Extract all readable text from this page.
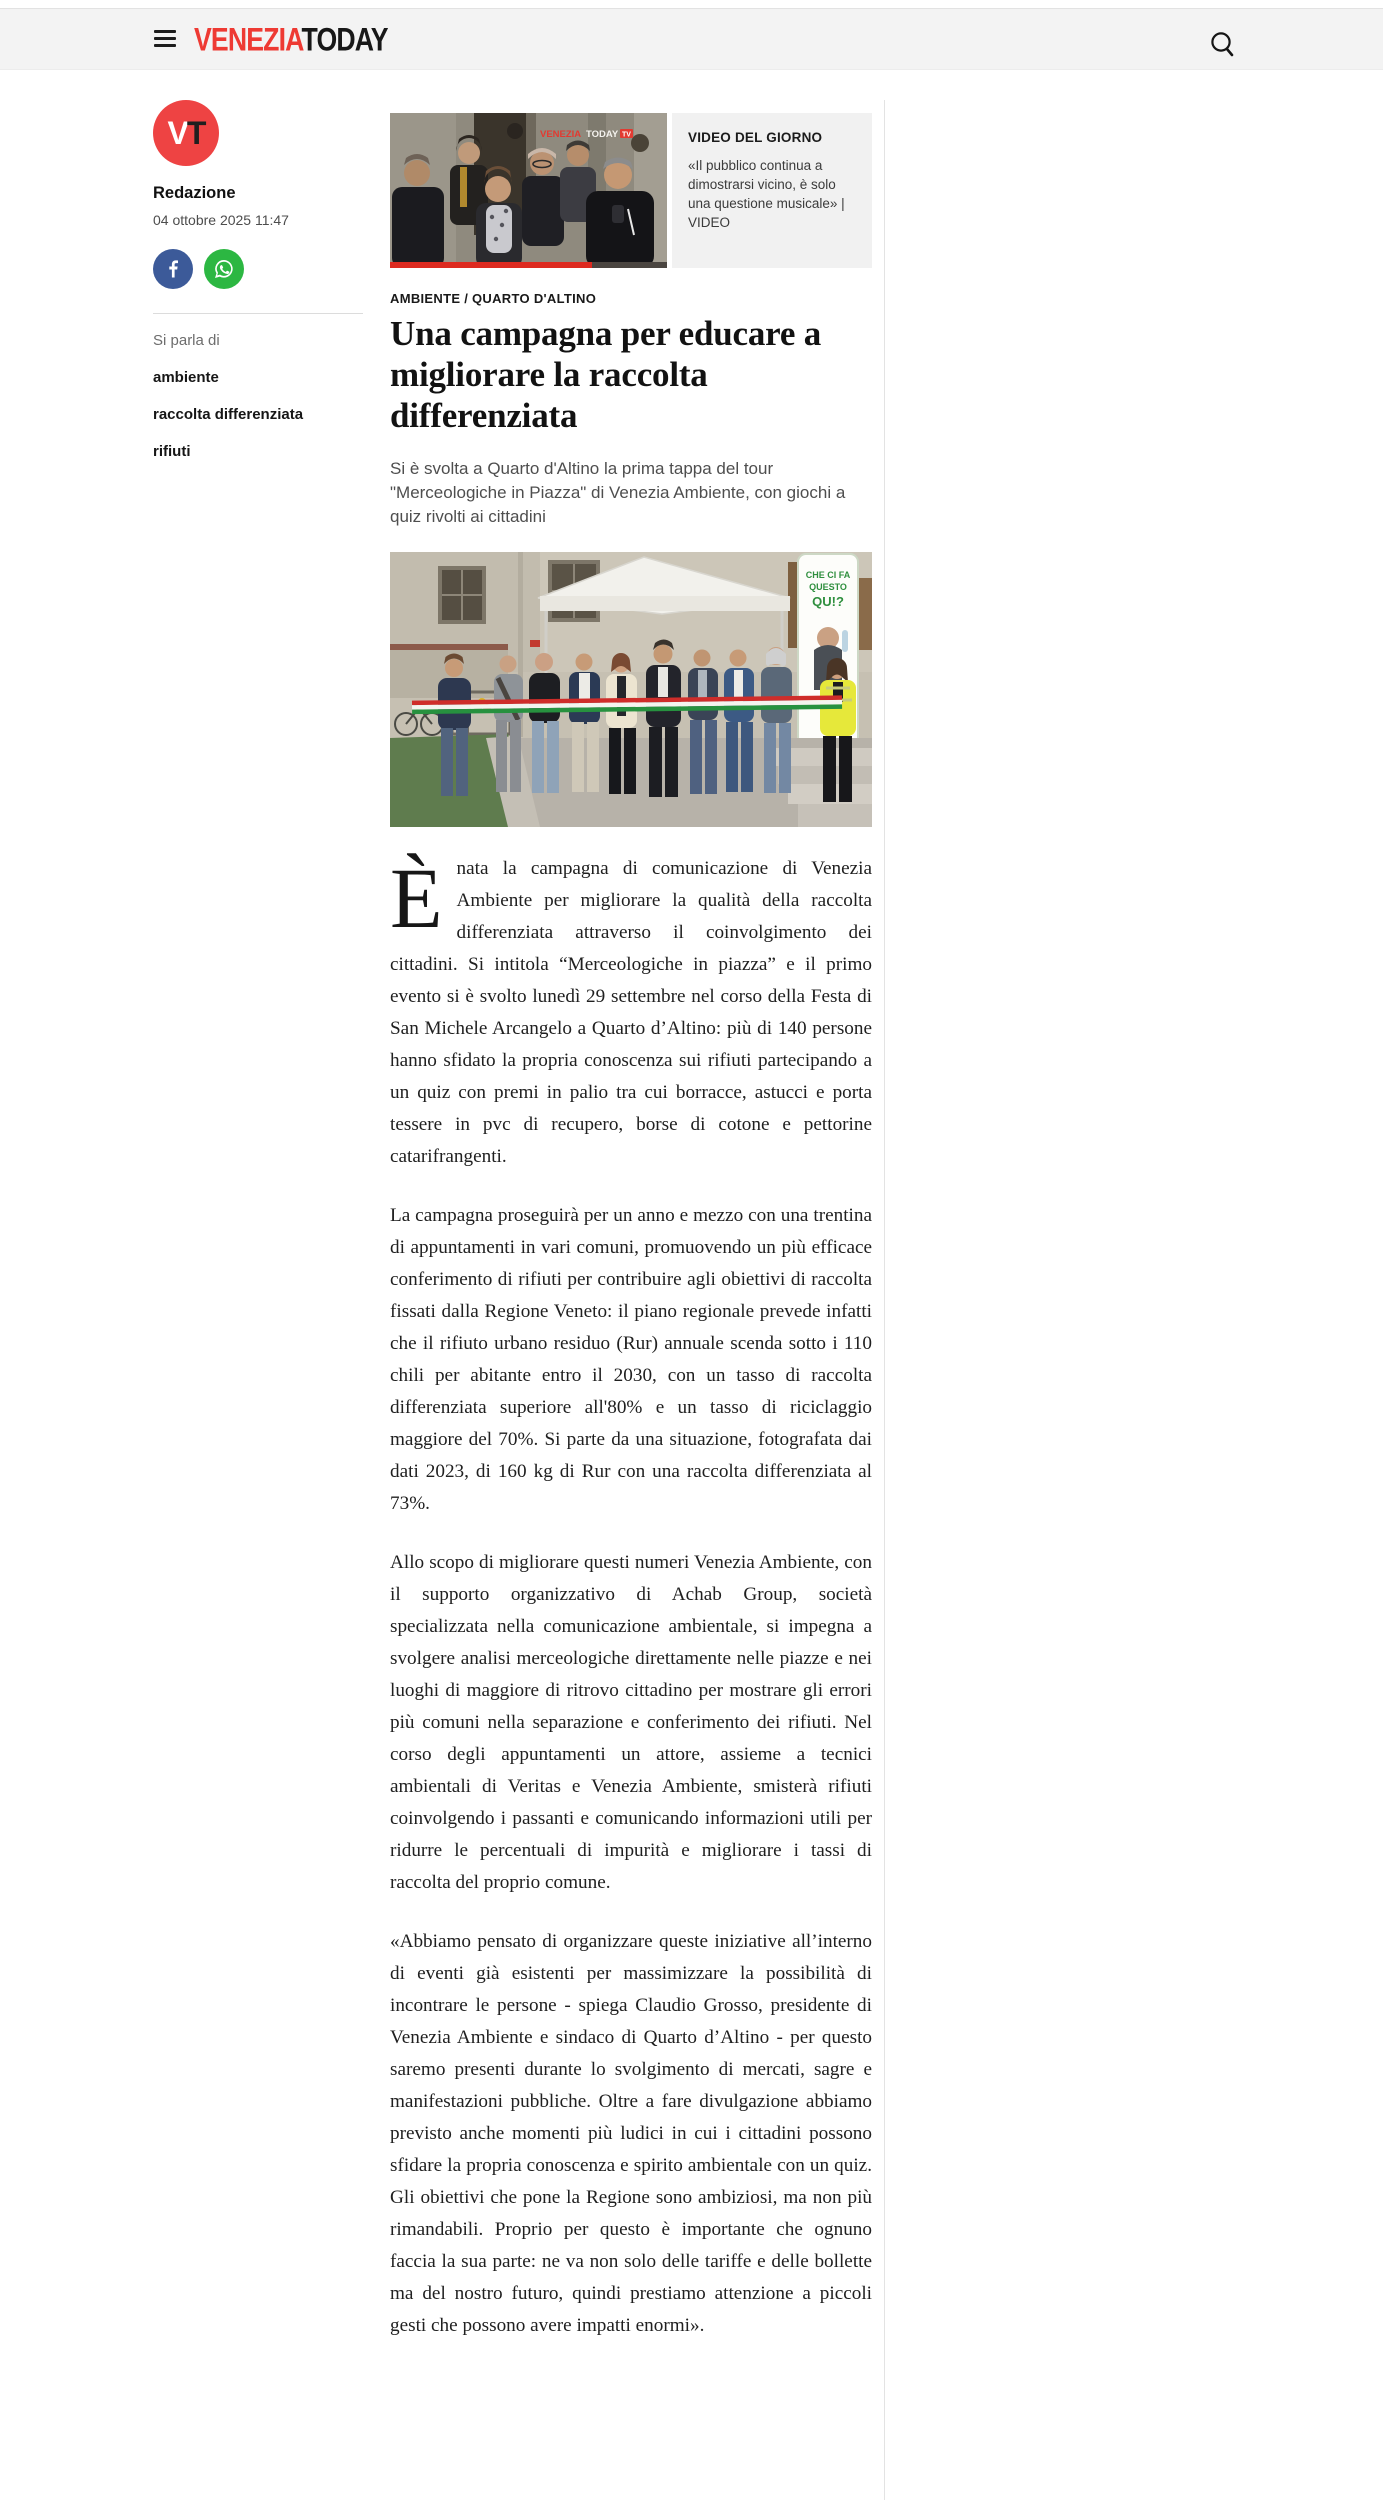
VENEZIATODAY
V T
Redazione
04 ottobre 2025 11:47
Si parla di
ambiente
raccolta differenziata
rifiuti
VENEZIA TODAY TV	VIDEO DEL GIORNO
«Il pubblico continua a dimostrarsi vicino, è solo una questione musicale» | VIDEO
AMBIENTE / QUARTO D'ALTINO
Una campagna per educare a migliorare la raccolta differenziata

Si è svolta a Quarto d'Altino la prima tappa del tour "Merceologiche in Piazza" di Venezia Ambiente, con giochi a quiz rivolti ai cittadini

CHE CI FA
QUESTO
QU!?

Ènata la campagna di comunicazione di Venezia Ambiente per migliorare la qualità della raccolta differenziata attraverso il coinvolgimento dei cittadini. Si intitola “Merceologiche in piazza” e il primo evento si è svolto lunedì 29 settembre nel corso della Festa di San Michele Arcangelo a Quarto d’Altino: più di 140 persone hanno sfidato la propria conoscenza sui rifiuti partecipando a un quiz con premi in palio tra cui borracce, astucci e porta tessere in pvc di recupero, borse di cotone e pettorine catarifrangenti.

La campagna proseguirà per un anno e mezzo con una trentina di appuntamenti in vari comuni, promuovendo un più efficace conferimento di rifiuti per contribuire agli obiettivi di raccolta fissati dalla Regione Veneto: il piano regionale prevede infatti che il rifiuto urbano residuo (Rur) annuale scenda sotto i 110 chili per abitante entro il 2030, con un tasso di raccolta differenziata superiore all'80% e un tasso di riciclaggio maggiore del 70%. Si parte da una situazione, fotografata dai dati 2023, di 160 kg di Rur con una raccolta differenziata al 73%.

Allo scopo di migliorare questi numeri Venezia Ambiente, con il supporto organizzativo di Achab Group, società specializzata nella comunicazione ambientale, si impegna a svolgere analisi merceologiche direttamente nelle piazze e nei luoghi di maggiore di ritrovo cittadino per mostrare gli errori più comuni nella separazione e conferimento dei rifiuti. Nel corso degli appuntamenti un attore, assieme a tecnici ambientali di Veritas e Venezia Ambiente, smisterà rifiuti coinvolgendo i passanti e comunicando informazioni utili per ridurre le percentuali di impurità e migliorare i tassi di raccolta del proprio comune.

«Abbiamo pensato di organizzare queste iniziative all’interno di eventi già esistenti per massimizzare la possibilità di incontrare le persone - spiega Claudio Grosso, presidente di Venezia Ambiente e sindaco di Quarto d’Altino - per questo saremo presenti durante lo svolgimento di mercati, sagre e manifestazioni pubbliche. Oltre a fare divulgazione abbiamo previsto anche momenti più ludici in cui i cittadini possono sfidare la propria conoscenza e spirito ambientale con un quiz. Gli obiettivi che pone la Regione sono ambiziosi, ma non più rimandabili. Proprio per questo è importante che ognuno faccia la sua parte: ne va non solo delle tariffe e delle bollette ma del nostro futuro, quindi prestiamo attenzione a piccoli gesti che possono avere impatti enormi».
